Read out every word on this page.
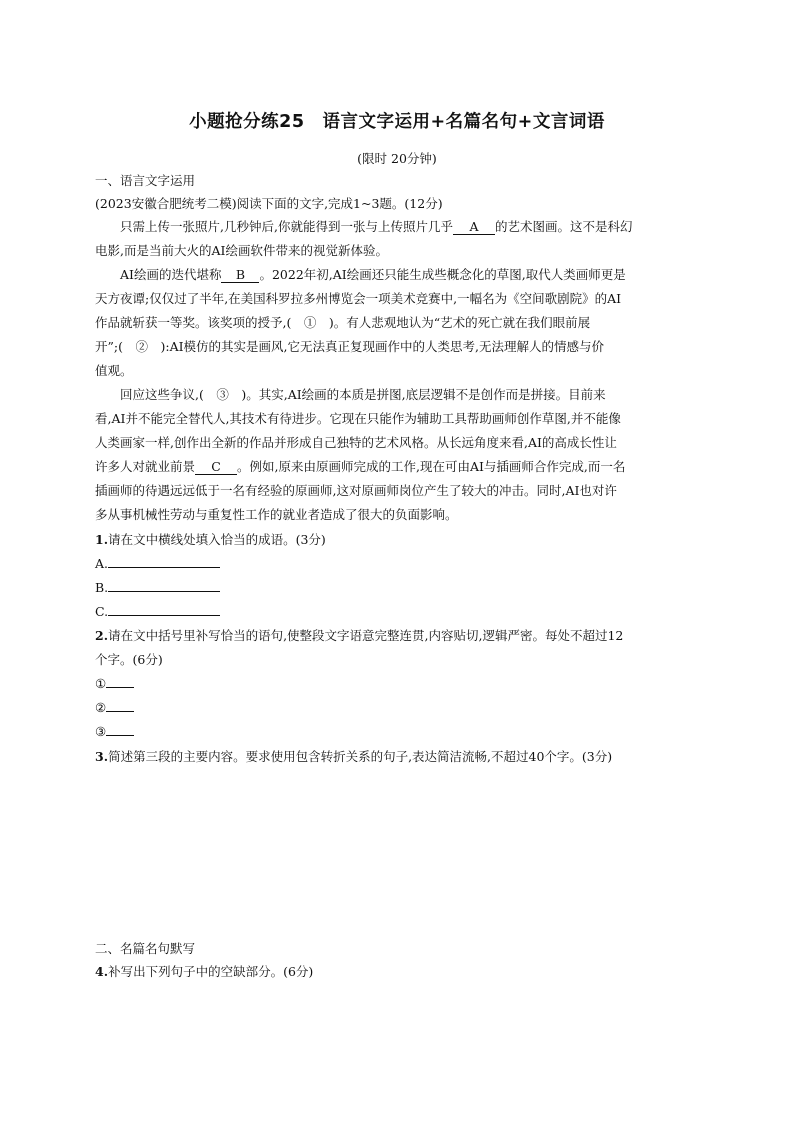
小题抢分练25　语言文字运用+名篇名句+文言词语
(限时 20分钟)
一、语言文字运用
(2023安徽合肥统考二模)阅读下面的文字,完成1~3题。(12分)
只需上传一张照片,几秒钟后,你就能得到一张与上传照片几乎 A 的艺术图画。这不是科幻
电影,而是当前大火的AI绘画软件带来的视觉新体验。
AI绘画的迭代堪称 B 。2022年初,AI绘画还只能生成些概念化的草图,取代人类画师更是
天方夜谭;仅仅过了半年,在美国科罗拉多州博览会一项美术竞赛中,一幅名为《空间歌剧院》的AI
作品就斩获一等奖。该奖项的授予,(　①　)。有人悲观地认为“艺术的死亡就在我们眼前展
开”;(　②　):AI模仿的其实是画风,它无法真正复现画作中的人类思考,无法理解人的情感与价
值观。
回应这些争议,(　③　)。其实,AI绘画的本质是拼图,底层逻辑不是创作而是拼接。目前来
看,AI并不能完全替代人,其技术有待进步。它现在只能作为辅助工具帮助画师创作草图,并不能像
人类画家一样,创作出全新的作品并形成自己独特的艺术风格。从长远角度来看,AI的高成长性让
许多人对就业前景 C 。例如,原来由原画师完成的工作,现在可由AI与插画师合作完成,而一名
插画师的待遇远远低于一名有经验的原画师,这对原画师岗位产生了较大的冲击。同时,AI也对许
多从事机械性劳动与重复性工作的就业者造成了很大的负面影响。
1.请在文中横线处填入恰当的成语。(3分)
A.
B.
C.
2.请在文中括号里补写恰当的语句,使整段文字语意完整连贯,内容贴切,逻辑严密。每处不超过12
个字。(6分)
①
②
③
3.简述第三段的主要内容。要求使用包含转折关系的句子,表达简洁流畅,不超过40个字。(3分)
二、名篇名句默写
4.补写出下列句子中的空缺部分。(6分)
